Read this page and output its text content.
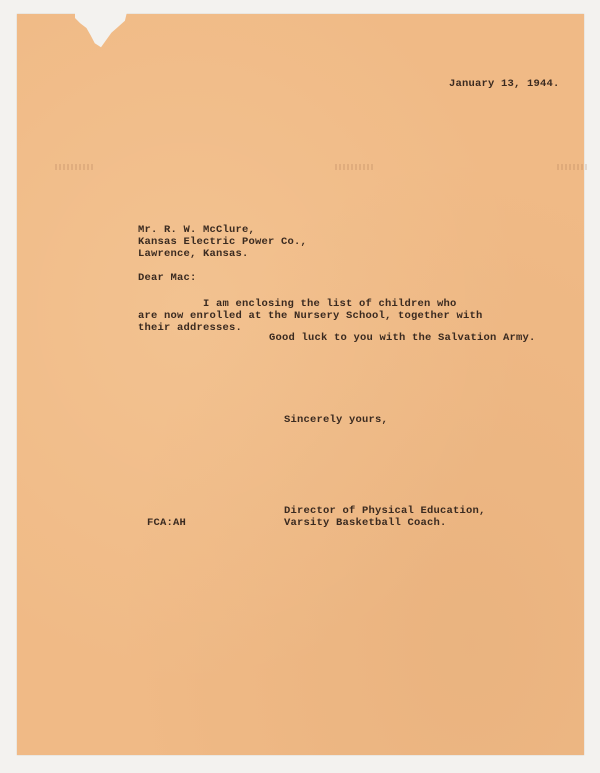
January 13, 1944.
Mr. R. W. McClure,
Kansas Electric Power Co.,
Lawrence, Kansas.
Dear Mac:
I am enclosing the list of children who
are now enrolled at the Nursery School, together with
their addresses.
Good luck to you with the Salvation Army.
Sincerely yours,
Director of Physical Education,
Varsity Basketball Coach.
FCA:AH
